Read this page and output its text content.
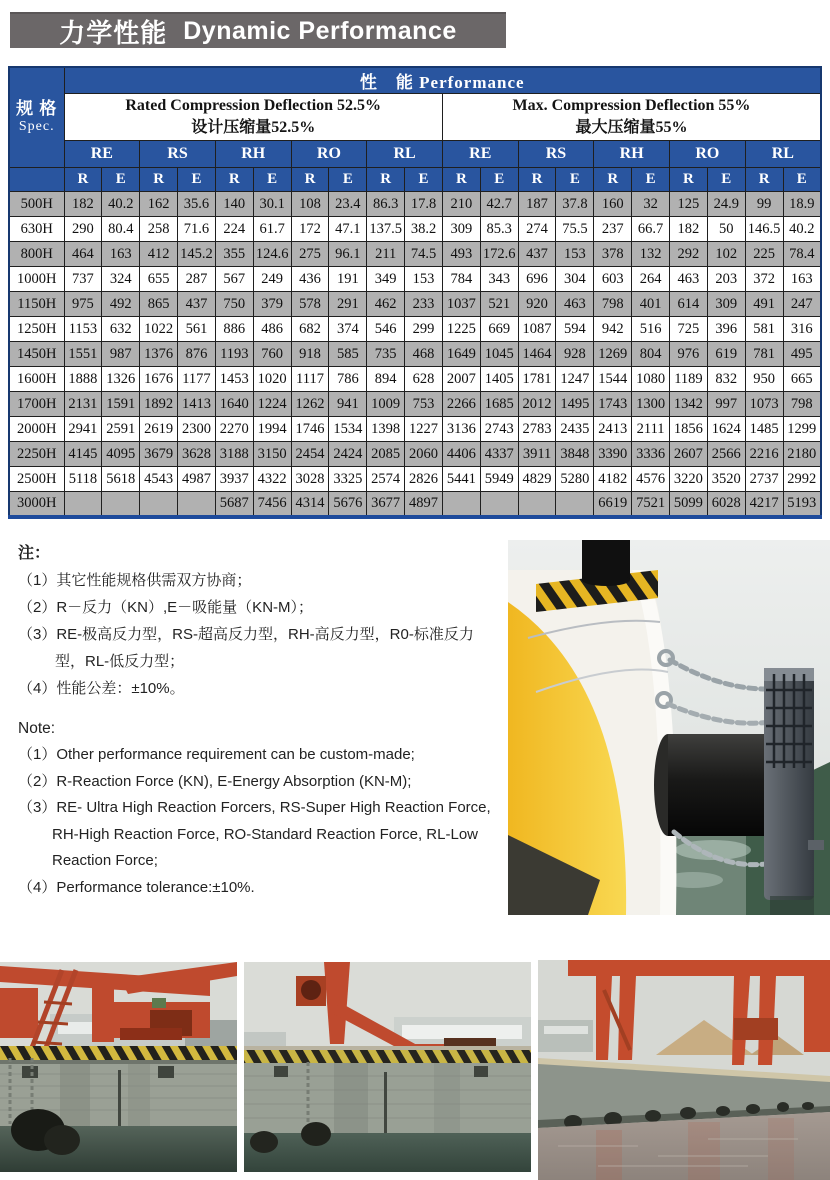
力学性能 Dynamic Performance
规 格
Spec.	性　能 Performance																			

Rated Compression Deflection 52.5%
设计压缩量52.5%

Max. Compression Deflection 55%
最大压缩量55%

	RE		RS		RH		RO		RL		RE		RS		RH		RO		RL	
	R	E	R	E	R	E	R	E	R	E	R	E	R	E	R	E	R	E	R	E
500H	182	40.2	162	35.6	140	30.1	108	23.4	86.3	17.8	210	42.7	187	37.8	160	32	125	24.9	99	18.9
630H	290	80.4	258	71.6	224	61.7	172	47.1	137.5	38.2	309	85.3	274	75.5	237	66.7	182	50	146.5	40.2
800H	464	163	412	145.2	355	124.6	275	96.1	211	74.5	493	172.6	437	153	378	132	292	102	225	78.4
1000H	737	324	655	287	567	249	436	191	349	153	784	343	696	304	603	264	463	203	372	163
1150H	975	492	865	437	750	379	578	291	462	233	1037	521	920	463	798	401	614	309	491	247
1250H	1153	632	1022	561	886	486	682	374	546	299	1225	669	1087	594	942	516	725	396	581	316
1450H	1551	987	1376	876	1193	760	918	585	735	468	1649	1045	1464	928	1269	804	976	619	781	495
1600H	1888	1326	1676	1177	1453	1020	1117	786	894	628	2007	1405	1781	1247	1544	1080	1189	832	950	665
1700H	2131	1591	1892	1413	1640	1224	1262	941	1009	753	2266	1685	2012	1495	1743	1300	1342	997	1073	798
2000H	2941	2591	2619	2300	2270	1994	1746	1534	1398	1227	3136	2743	2783	2435	2413	2111	1856	1624	1485	1299
2250H	4145	4095	3679	3628	3188	3150	2454	2424	2085	2060	4406	4337	3911	3848	3390	3336	2607	2566	2216	2180
2500H	5118	5618	4543	4987	3937	4322	3028	3325	2574	2826	5441	5949	4829	5280	4182	4576	3220	3520	2737	2992
3000H					5687	7456	4314	5676	3677	4897					6619	7521	5099	6028	4217	5193
注：
（1）其它性能规格供需双方协商；
（2）R－反力（KN）,E－吸能量（KN-M）；
（3）RE-极高反力型，RS-超高反力型，RH-高反力型，R0-标准反力型，RL-低反力型；
（4）性能公差：±10%。
Note:
（1）Other performance requirement can be custom-made;
（2）R-Reaction Force (KN), E-Energy Absorption (KN-M);
（3）RE- Ultra High Reaction Forcers, RS-Super High Reaction Force, RH-High Reaction Force, RO-Standard Reaction Force, RL-Low Reaction Force;
（4）Performance tolerance:±10%.
